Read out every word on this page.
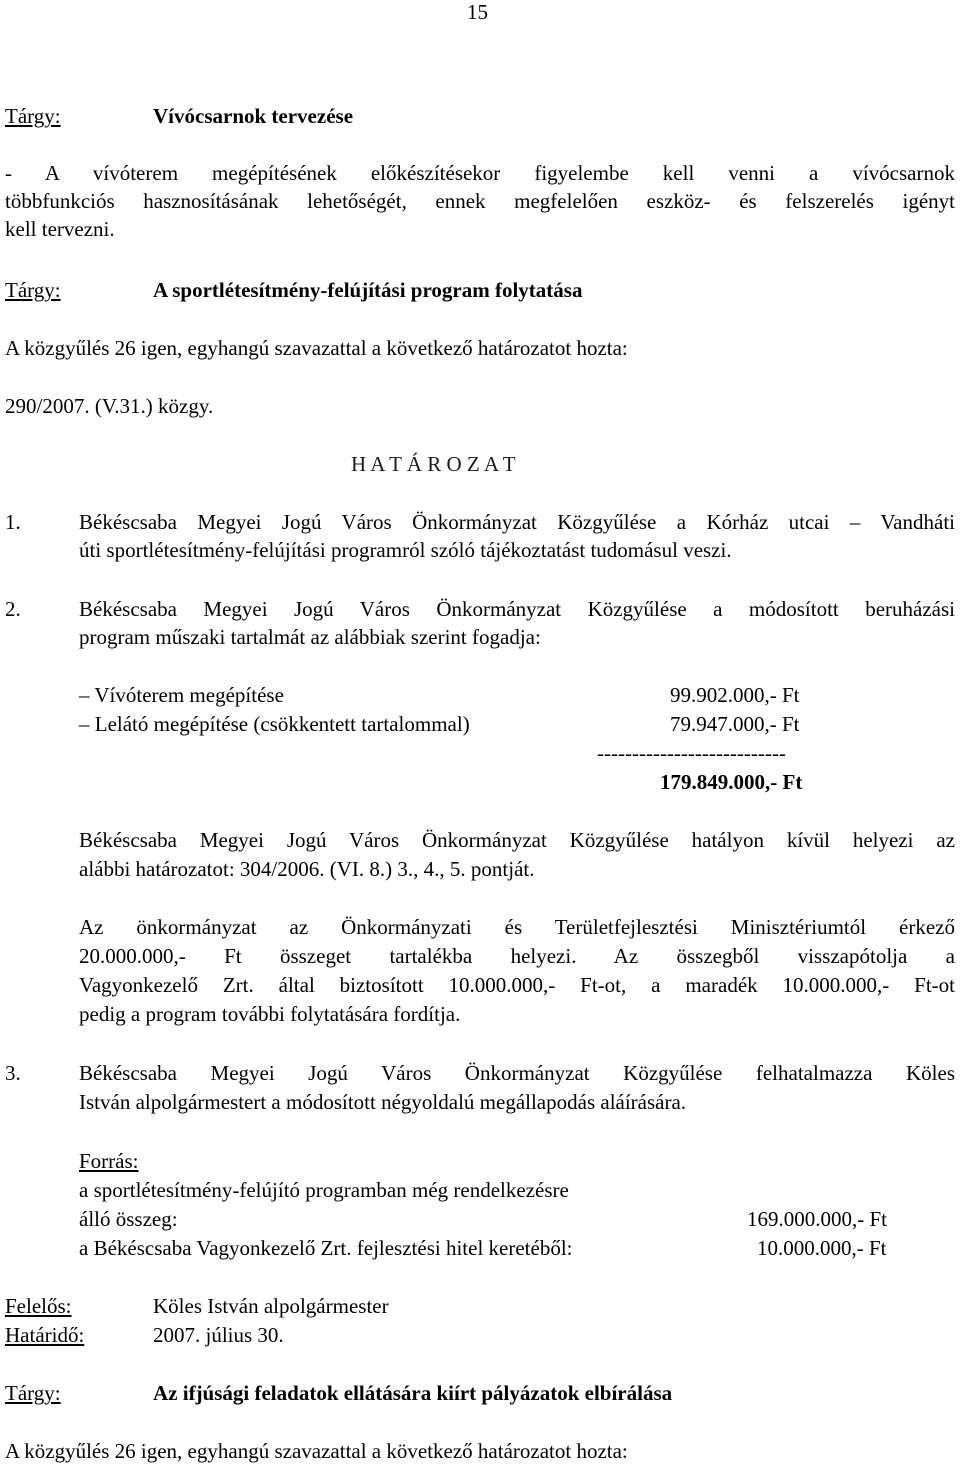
15
Tárgy:	Vívócsarnok tervezése
- A vívóterem megépítésének előkészítésekor figyelembe kell venni a vívócsarnok
többfunkciós hasznosításának lehetőségét, ennek megfelelően eszköz- és felszerelés igényt
kell tervezni.
Tárgy:	A sportlétesítmény-felújítási program folytatása
A közgyűlés 26 igen, egyhangú szavazattal a következő határozatot hozta:
290/2007. (V.31.) közgy.
H A T Á R O Z A T
1.	Békéscsaba Megyei Jogú Város Önkormányzat Közgyűlése a Kórház utcai – Vandháti
úti sportlétesítmény-felújítási programról szóló tájékoztatást tudomásul veszi.
2.	Békéscsaba Megyei Jogú Város Önkormányzat Közgyűlése a módosított beruházási
program műszaki tartalmát az alábbiak szerint fogadja:
– Vívóterem megépítése	99.902.000,- Ft
– Lelátó megépítése (csökkentett tartalommal)	79.947.000,- Ft
---------------------------
179.849.000,- Ft
Békéscsaba Megyei Jogú Város Önkormányzat Közgyűlése hatályon kívül helyezi az
alábbi határozatot: 304/2006. (VI. 8.) 3., 4., 5. pontját.
Az önkormányzat az Önkormányzati és Területfejlesztési Minisztériumtól érkező
20.000.000,- Ft összeget tartalékba helyezi. Az összegből visszapótolja a
Vagyonkezelő Zrt. által biztosított 10.000.000,- Ft-ot, a maradék 10.000.000,- Ft-ot
pedig a program további folytatására fordítja.
3.	Békéscsaba Megyei Jogú Város Önkormányzat Közgyűlése felhatalmazza Köles
István alpolgármestert a módosított négyoldalú megállapodás aláírására.
Forrás:
a sportlétesítmény-felújító programban még rendelkezésre
álló összeg:	169.000.000,- Ft
a Békéscsaba Vagyonkezelő Zrt. fejlesztési hitel keretéből:	10.000.000,- Ft
Felelős:	Köles István alpolgármester
Határidő:	2007. július 30.
Tárgy:	Az ifjúsági feladatok ellátására kiírt pályázatok elbírálása
A közgyűlés 26 igen, egyhangú szavazattal a következő határozatot hozta:
